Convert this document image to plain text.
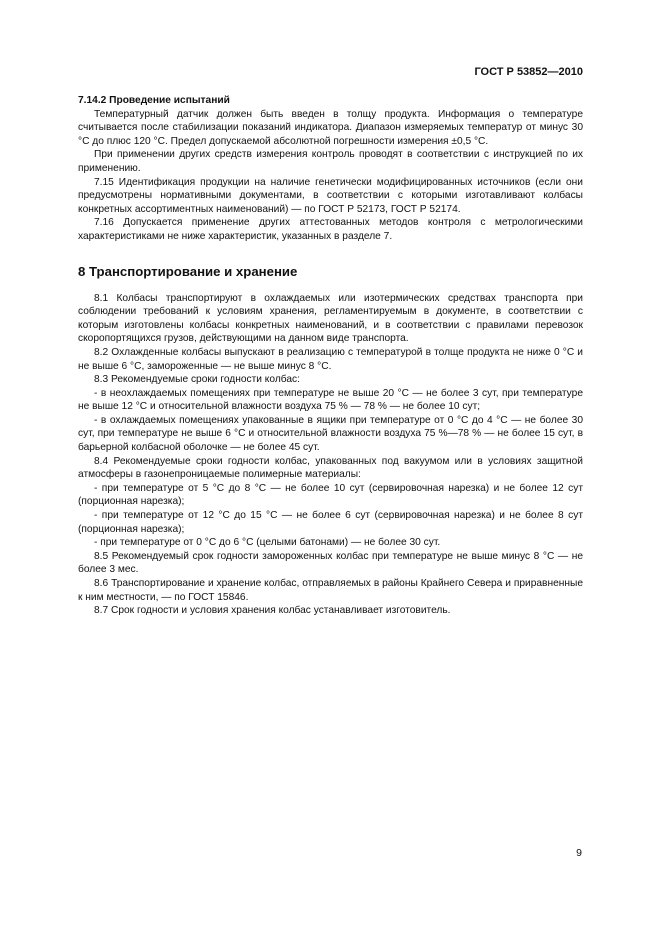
ГОСТ Р 53852—2010

7.14.2 Проведение испытаний

Температурный датчик должен быть введен в толщу продукта. Информация о температуре считывается после стабилизации показаний индикатора. Диапазон измеряемых температур от минус 30 °С до плюс 120 °С. Предел допускаемой абсолютной погрешности измерения ±0,5 °С.

При применении других средств измерения контроль проводят в соответствии с инструкцией по их применению.

7.15 Идентификация продукции на наличие генетически модифицированных источников (если они предусмотрены нормативными документами, в соответствии с которыми изготавливают колбасы конкретных ассортиментных наименований) — по ГОСТ Р 52173, ГОСТ Р 52174.

7.16 Допускается применение других аттестованных методов контроля с метрологическими характеристиками не ниже характеристик, указанных в разделе 7.

8 Транспортирование и хранение

8.1 Колбасы транспортируют в охлаждаемых или изотермических средствах транспорта при соблюдении требований к условиям хранения, регламентируемым в документе, в соответствии с которым изготовлены колбасы конкретных наименований, и в соответствии с правилами перевозок скоропортящихся грузов, действующими на данном виде транспорта.

8.2 Охлажденные колбасы выпускают в реализацию с температурой в толще продукта не ниже 0 °С и не выше 6 °С, замороженные — не выше минус 8 °С.

8.3 Рекомендуемые сроки годности колбас:

- в неохлаждаемых помещениях при температуре не выше 20 °С — не более 3 сут, при температуре не выше 12 °С и относительной влажности воздуха 75 % — 78 % — не более 10 сут;

- в охлаждаемых помещениях упакованные в ящики при температуре от 0 °С до 4 °С — не более 30 сут, при температуре не выше 6 °С и относительной влажности воздуха 75 %—78 % — не более 15 сут, в барьерной колбасной оболочке — не более 45 сут.

8.4 Рекомендуемые сроки годности колбас, упакованных под вакуумом или в условиях защитной атмосферы в газонепроницаемые полимерные материалы:

- при температуре от 5 °С до 8 °С — не более 10 сут (сервировочная нарезка) и не более 12 сут (порционная нарезка);

- при температуре от 12 °С до 15 °С — не более 6 сут (сервировочная нарезка) и не более 8 сут (порционная нарезка);

- при температуре от 0 °С до 6 °С (целыми батонами) — не более 30 сут.

8.5 Рекомендуемый срок годности замороженных колбас при температуре не выше минус 8 °С — не более 3 мес.

8.6 Транспортирование и хранение колбас, отправляемых в районы Крайнего Севера и приравненные к ним местности, — по ГОСТ 15846.

8.7 Срок годности и условия хранения колбас устанавливает изготовитель.

9
